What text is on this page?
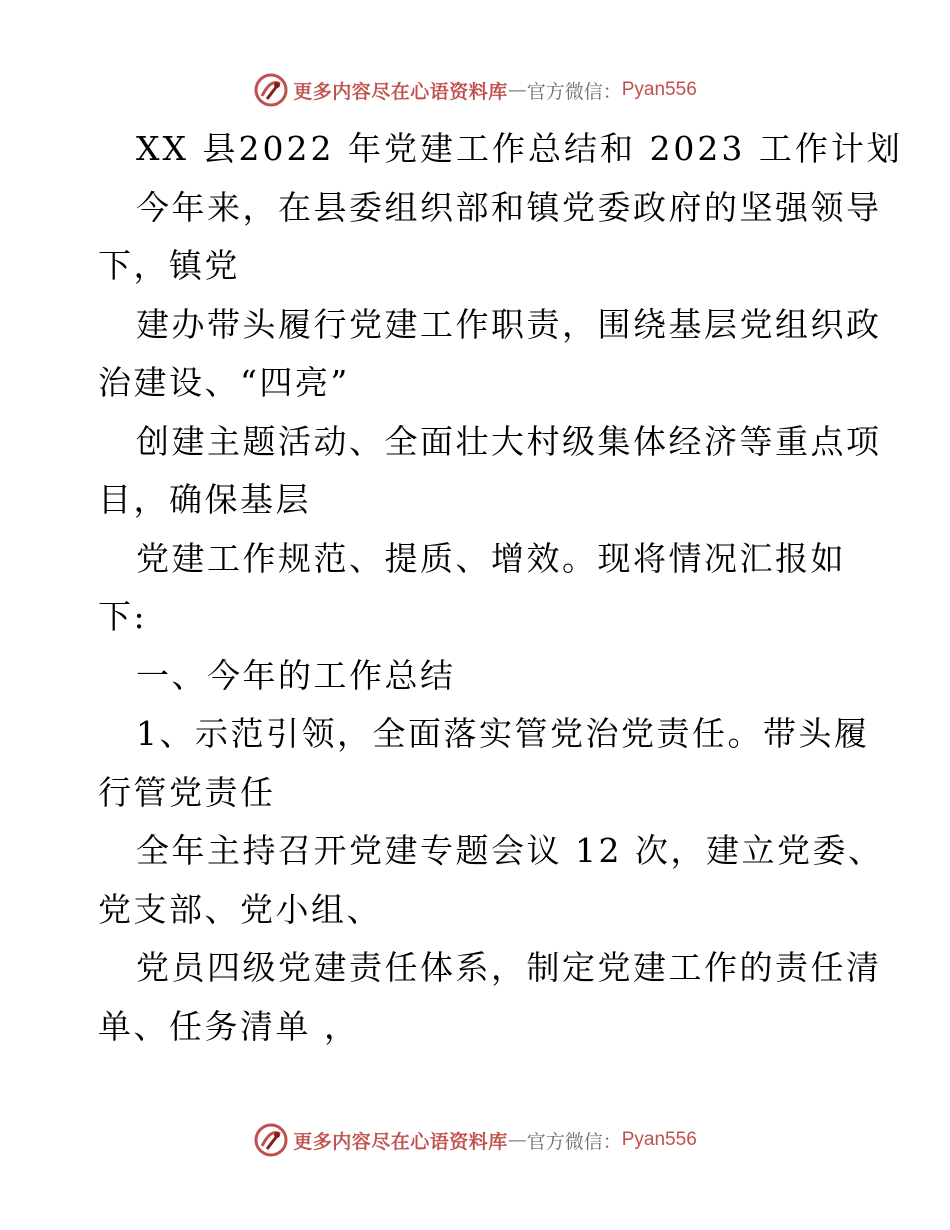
更多内容尽在心语资料库 — 官方微信： Pyan556
XX 县2022 年党建工作总结和 2023 工作计划
今年来，在县委组织部和镇党委政府的坚强领导
下，镇党
建办带头履行党建工作职责，围绕基层党组织政
治建设、“四亮”
创建主题活动、全面壮大村级集体经济等重点项
目，确保基层
党建工作规范、提质、增效。现将情况汇报如
下:
一、今年的工作总结
1、示范引领，全面落实管党治党责任。带头履
行管党责任
全年主持召开党建专题会议 12 次，建立党委、
党支部、党小组、
党员四级党建责任体系，制定党建工作的责任清
单、任务清单 ，
更多内容尽在心语资料库 — 官方微信： Pyan556
